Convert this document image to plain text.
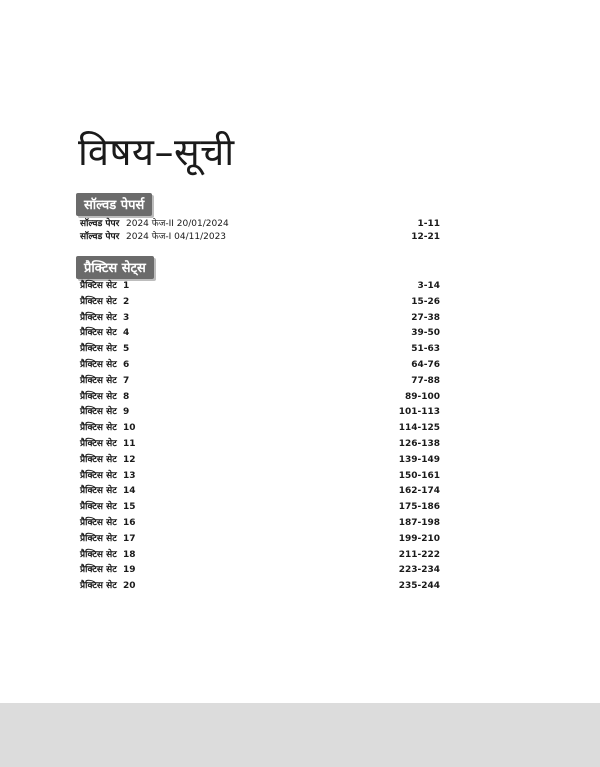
विषय–सूची
सॉल्वड पेपर्स
सॉल्वड पेपर 2024 फेज-II 20/01/2024	1-11
सॉल्वड पेपर 2024 फेज-I 04/11/2023	12-21
प्रैक्टिस सेट्स
प्रैक्टिस सेट 1	3-14
प्रैक्टिस सेट 2	15-26
प्रैक्टिस सेट 3	27-38
प्रैक्टिस सेट 4	39-50
प्रैक्टिस सेट 5	51-63
प्रैक्टिस सेट 6	64-76
प्रैक्टिस सेट 7	77-88
प्रैक्टिस सेट 8	89-100
प्रैक्टिस सेट 9	101-113
प्रैक्टिस सेट 10	114-125
प्रैक्टिस सेट 11	126-138
प्रैक्टिस सेट 12	139-149
प्रैक्टिस सेट 13	150-161
प्रैक्टिस सेट 14	162-174
प्रैक्टिस सेट 15	175-186
प्रैक्टिस सेट 16	187-198
प्रैक्टिस सेट 17	199-210
प्रैक्टिस सेट 18	211-222
प्रैक्टिस सेट 19	223-234
प्रैक्टिस सेट 20	235-244
